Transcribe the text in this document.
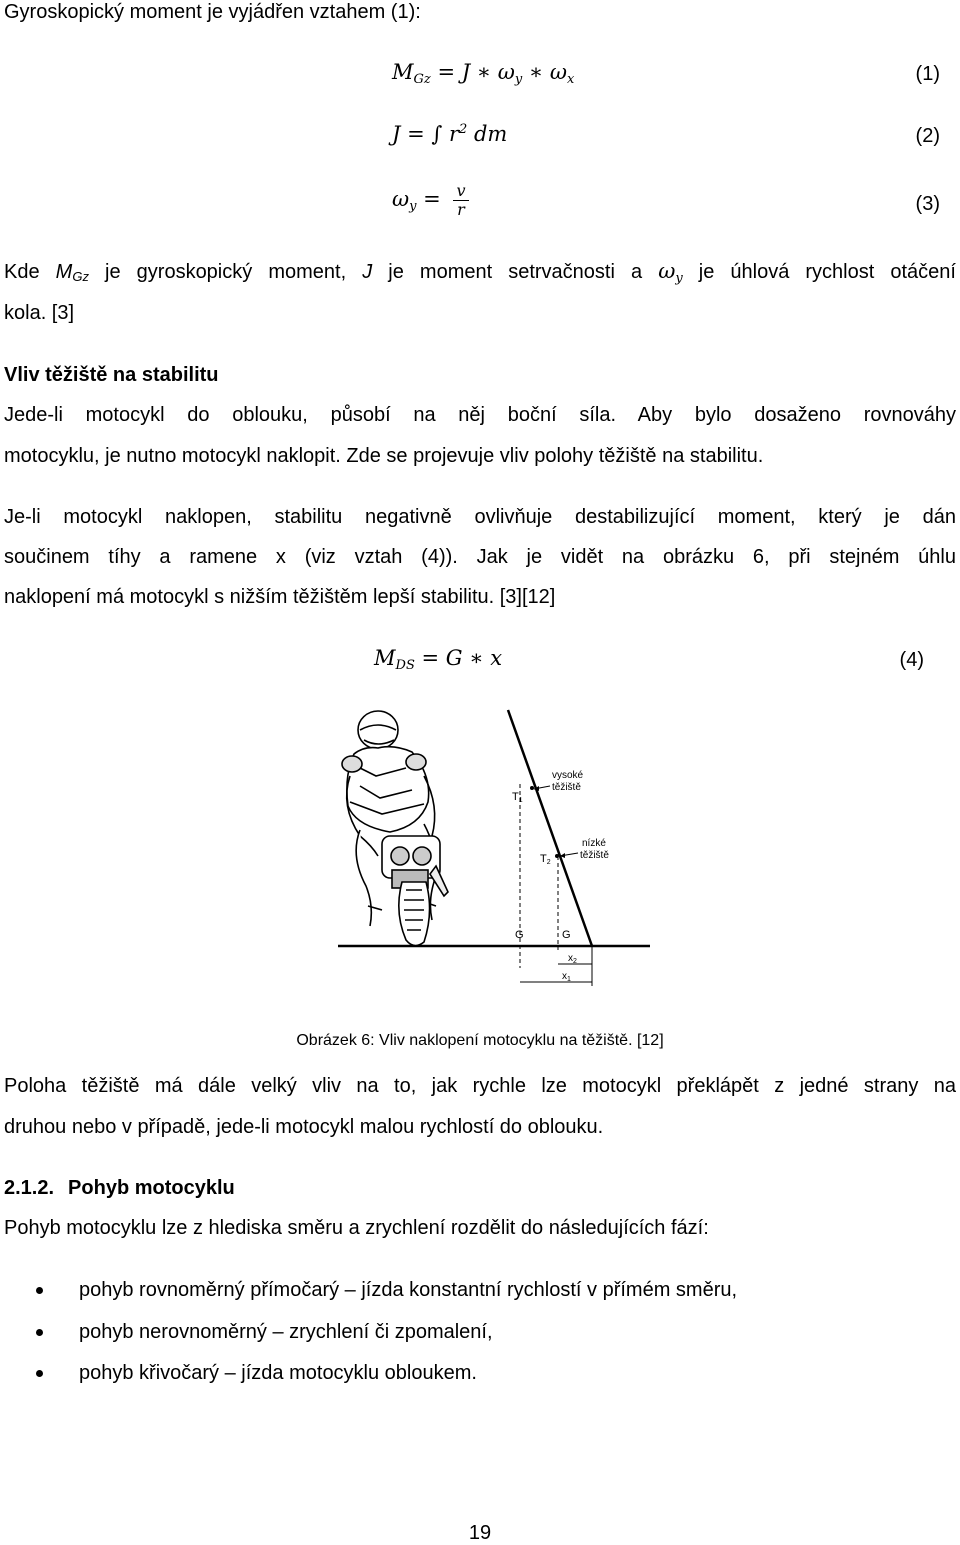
Gyroskopický moment je vyjádřen vztahem (1):
$M_{Gz} = J$ ∗ $\omega_y$ ∗ $\omega_x$	(1)
J = ∫ $r^2$ dm	(2)
$\omega_y = \frac{v}{r}$	(3)
Kde MGz je gyroskopický moment, J je moment setrvačnosti a $\omega_y$ je úhlová rychlost otáčení
kola. [3]
Vliv těžiště na stabilitu
Jede-li motocykl do oblouku, působí na něj boční síla. Aby bylo dosaženo rovnováhy
motocyklu, je nutno motocykl naklopit. Zde se projevuje vliv polohy těžiště na stabilitu.
Je-li motocykl naklopen, stabilitu negativně ovlivňuje destabilizující moment, který je dán
součinem tíhy a ramene x (viz vztah (4)). Jak je vidět na obrázku 6, při stejném úhlu
naklopení má motocykl s nižším těžištěm lepší stabilitu. [3][12]
$M_{DS} = G$ ∗ x	(4)
T1
T2
G	G
vysoké
těžiště
nízké
těžiště
$x_2$
$x_1$
Obrázek 6: Vliv naklopení motocyklu na těžiště. [12]
Poloha těžiště má dále velký vliv na to, jak rychle lze motocykl překlápět z jedné strany na
druhou nebo v případě, jede-li motocykl malou rychlostí do oblouku.
2.1.2. Pohyb motocyklu
Pohyb motocyklu lze z hlediska směru a zrychlení rozdělit do následujících fází:
pohyb rovnoměrný přímočarý – jízda konstantní rychlostí v přímém směru,
pohyb nerovnoměrný – zrychlení či zpomalení,
pohyb křivočarý – jízda motocyklu obloukem.
19
